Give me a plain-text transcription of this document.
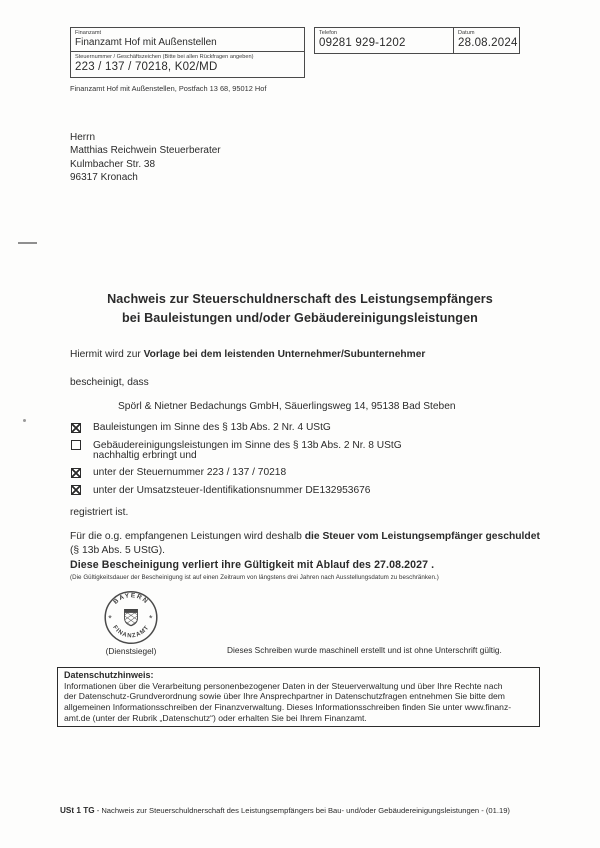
Finanzamt
Finanzamt Hof mit Außenstellen
Steuernummer / Geschäftszeichen (Bitte bei allen Rückfragen angeben)
223 / 137 / 70218, K02/MD
Telefon
09281 929-1202
Datum
28.08.2024
Finanzamt Hof mit Außenstellen, Postfach 13 68, 95012 Hof
Herrn
Matthias Reichwein Steuerberater
Kulmbacher Str. 38
96317 Kronach
Nachweis zur Steuerschuldnerschaft des Leistungsempfängers
bei Bauleistungen und/oder Gebäudereinigungsleistungen
Hiermit wird zur Vorlage bei dem leistenden Unternehmer/Subunternehmer
bescheinigt, dass
Spörl & Nietner Bedachungs GmbH, Säuerlingsweg 14, 95138 Bad Steben
Bauleistungen im Sinne des § 13b Abs. 2 Nr. 4 UStG
Gebäudereinigungsleistungen im Sinne des § 13b Abs. 2 Nr. 8 UStG
nachhaltig erbringt und
unter der Steuernummer 223 / 137 / 70218
unter der Umsatzsteuer-Identifikationsnummer DE132953676
registriert ist.
Für die o.g. empfangenen Leistungen wird deshalb die Steuer vom Leistungsempfänger geschuldet (§ 13b Abs. 5 UStG).
Diese Bescheinigung verliert ihre Gültigkeit mit Ablauf des 27.08.2027 .
(Die Gültigkeitsdauer der Bescheinigung ist auf einen Zeitraum von längstens drei Jahren nach Ausstellungsdatum zu beschränken.)
BAYERN
FINANZAMT
*	*
(Dienstsiegel)	Dieses Schreiben wurde maschinell erstellt und ist ohne Unterschrift gültig.
Datenschutzhinweis:
Informationen über die Verarbeitung personenbezogener Daten in der Steuerverwaltung und über Ihre Rechte nach
der Datenschutz-Grundverordnung sowie über Ihre Ansprechpartner in Datenschutzfragen entnehmen Sie bitte dem
allgemeinen Informationsschreiben der Finanzverwaltung. Dieses Informationsschreiben finden Sie unter www.finanz-
amt.de (unter der Rubrik „Datenschutz“) oder erhalten Sie bei Ihrem Finanzamt.
USt 1 TG - Nachweis zur Steuerschuldnerschaft des Leistungsempfängers bei Bau- und/oder Gebäudereinigungsleistungen - (01.19)
